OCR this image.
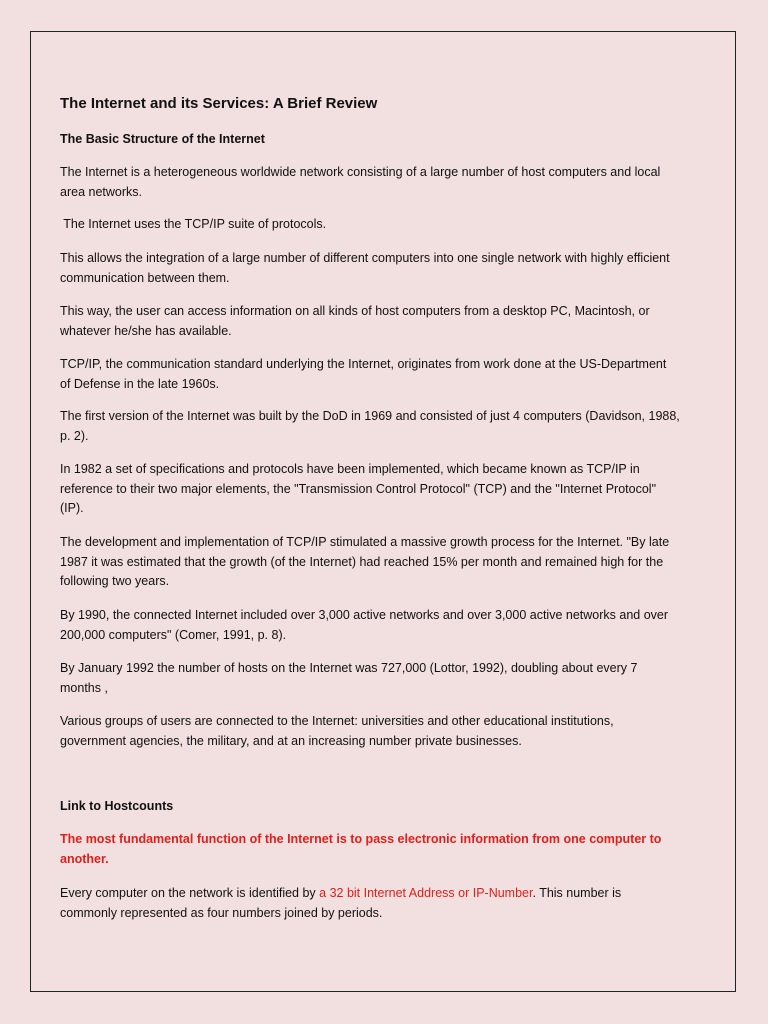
The Internet and its Services: A Brief Review
The Basic Structure of the Internet

The Internet is a heterogeneous worldwide network consisting of a large number of host computers and local area networks.

The Internet uses the TCP/IP suite of protocols.

This allows the integration of a large number of different computers into one single network with highly efficient communication between them.

This way, the user can access information on all kinds of host computers from a desktop PC, Macintosh, or whatever he/she has available.

TCP/IP, the communication standard underlying the Internet, originates from work done at the US-Department of Defense in the late 1960s.

The first version of the Internet was built by the DoD in 1969 and consisted of just 4 computers (Davidson, 1988, p. 2).

In 1982 a set of specifications and protocols have been implemented, which became known as TCP/IP in reference to their two major elements, the "Transmission Control Protocol" (TCP) and the "Internet Protocol" (IP).

The development and implementation of TCP/IP stimulated a massive growth process for the Internet. "By late 1987 it was estimated that the growth (of the Internet) had reached 15% per month and remained high for the following two years.

By 1990, the connected Internet included over 3,000 active networks and over 3,000 active networks and over 200,000 computers" (Comer, 1991, p. 8).

By January 1992 the number of hosts on the Internet was 727,000 (Lottor, 1992), doubling about every 7 months ,

Various groups of users are connected to the Internet: universities and other educational institutions, government agencies, the military, and at an increasing number private businesses.

Link to Hostcounts

The most fundamental function of the Internet is to pass electronic information from one computer to another.

Every computer on the network is identified by a 32 bit Internet Address or IP-Number. This number is commonly represented as four numbers joined by periods.
